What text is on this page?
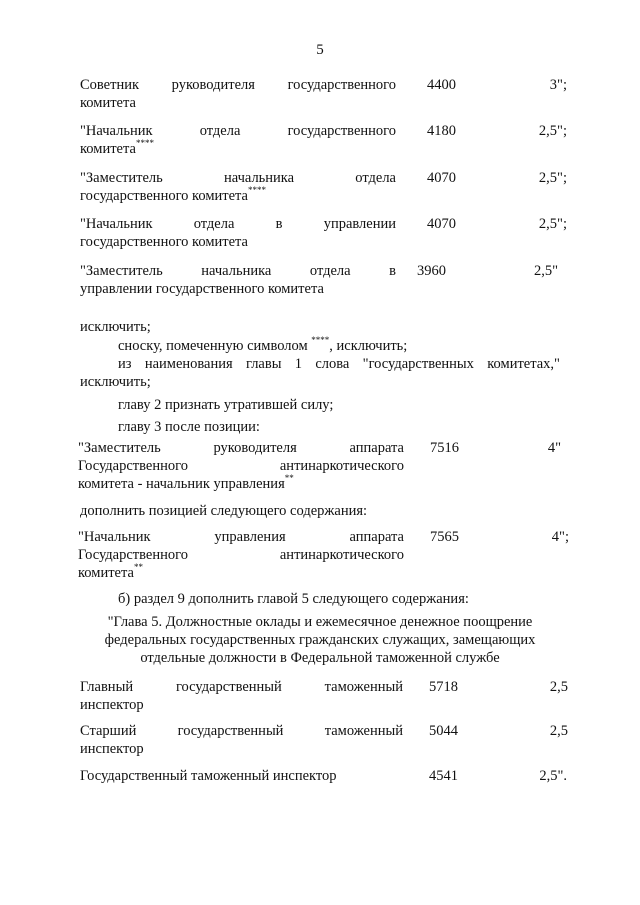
5
Советник руководителя государственного
комитета
4400	3";
"Начальник	отдела	государственного
комитета****
4180	2,5";
"Заместитель	начальника	отдела
государственного комитета****
4070	2,5";
"Начальник	отдела	в	управлении
государственного комитета
4070	2,5";
"Заместитель	начальника	отдела	в
управлении государственного комитета
3960	2,5"
исключить;
сноску, помеченную символом ****, исключить;
из наименования главы 1 слова "государственных комитетах,"
исключить;
главу 2 признать утратившей силу;
главу 3 после позиции:
"Заместитель	руководителя	аппарата
Государственного	антинаркотического
комитета - начальник управления**
7516	4"
дополнить позицией следующего содержания:
"Начальник	управления	аппарата
Государственного	антинаркотического
комитета**
7565	4";
б) раздел 9 дополнить главой 5 следующего содержания:
"Глава 5. Должностные оклады и ежемесячное денежное поощрение
федеральных государственных гражданских служащих, замещающих
отдельные должности в Федеральной таможенной службе
Главный	государственный	таможенный
инспектор
5718	2,5
Старший	государственный	таможенный
инспектор
5044	2,5
Государственный таможенный инспектор	4541	2,5".
